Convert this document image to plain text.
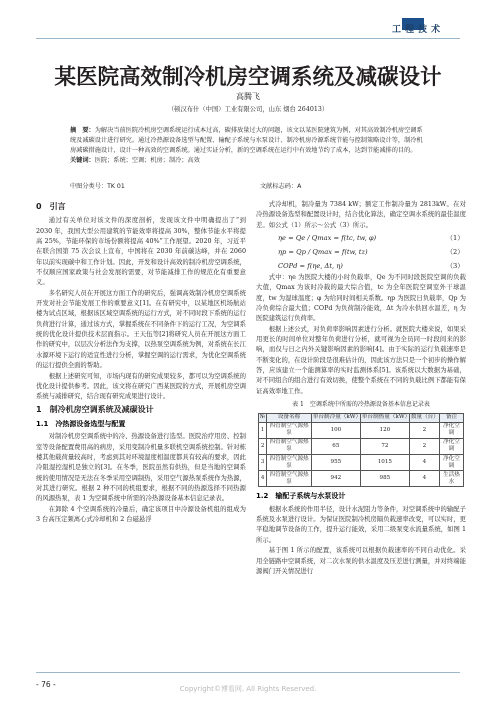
工程技术
某医院高效制冷机房空调系统及减碳设计
高腾飞
（顿汉布什（中国）工业有限公司，山东 烟台 264013）
摘　要：为解决当前医院冷机房空调系统运行成本过高，碳排放量过大的问题，该文以某医院建筑为例，对其高效制冷机房空调系统及减碳设计进行研究。通过冷热源设备选型与配置、输配子系统与水泵设计、制冷机房冷源系统节能与控制策略设计等，制冷机房减碳措施设计，设计一种高效的空调系统。通过实证分析，新的空调系统在运行中有效地节约了成本，达到节能减排的目的。
关键词：医院；系统；空调；机房；制冷；高效
中图分类号：TK 01	文献标志码：A

0　引言

通过有关单位对该文件的深度剖析，发现该文件中明确提出了“到 2030 年，我国大型公用建筑的节能效率将提高 30%，整体节能水平将提高 25%，节能环保的市场份额将提高 40%”工作展望。2020 年，习近平在联合国第 75 次会议上宣布，中国将在 2030 年前碳达峰，并在 2060 年以前实现碳中和工作计划。因此，开发和设计高效的制冷机房空调系统，不仅顺应国家政策与社会发展的需要，对节能减排工作的规范化有重要意义。

多名研究人员在开展这方面工作的研究后，强调高效制冷机房空调系统开发对社会节能发展工作的重要意义[1]。在有研究中，以某地区机场航站楼为试点区域，根据该区域空调系统的运行方式，对不同时段下系统的运行负荷进行计算，通过该方式，掌握系统在不同条件下的运行工况，为空调系统的优化设计提供技术层面指示。王天伍等[2]将研究人员在开展这方面工作的研究中，以层次分析法作为支撑，以热泵空调系统为例，对系统在长江水源环境下运行的适宜性进行分析，掌握空调的运行需求，为优化空调系统的运行提供全面的帮助。

根据上述研究可知，市场内现有的研究成果较多，都可以为空调系统的优化设计提供参考。因此，该文将在研究广西某医院的方式，开展机房空调系统与减排研究，结合现有研究成果进行设计。

1　制冷机房空调系统及减碳设计

1.1　冷热源设备选型与配置

对制冷机房空调系统中的冷、热源设备进行选型。医院治疗用房、控制室等设备配置费用高的病房，采用变制冷机量多联机空调系统控制。针对栋楼其他载荷量较高时，考虑到其对环境湿度相温度都具有较高的要求，因此冷阻湿控湿机是独立的[3]。在冬季，医院虽然有供热，但是当地的空调系统的使用情况是无法在冬季采用空调制热，采用空气源热泵系统作为热源，对其进行研究。根据 2 种不同的机组要求，根据不同的热源选择不同热源的风源热泵，表 1 为空调系统中所需的冷热源设备基本信息记录表。

在卸除 4 个空调系统的冷量后，确定该项目中冷源设备机组的组成为 3 台高压定频离心式冷却机和 2 台磁悬浮

式冷却机，制冷量为 7384 kW；额定工作制冷量为 2813kW。在对冷热源设备选型和配置设计时，结合优化算法，确定空调水系统的最佳温度差。如公式（1）所示～公式（3）所示。

ηe = Qe / Qmax = f(tc, tw, φ)	（1）
ηp = Qp / Qmax = f(tw, tz)	（2）
COPd = f(ηe, Δt, η)	（3）

式中：ηe 为医院大楼的小时负载率，Qe 为不同时段医院空调的负载大值，Qmax 为该时冷载的最大综合值，tc 为全年医院空调室外干球温度，tw 为湿球温度；φ 为给同时间相关系数。ηp 为医院日负载率，Qp 为冷负荷综合最大值；COPd 为负荷制冷能效，Δt 为冷水供回水温差，η 为医院建筑运行负荷率。

根据上述公式，对负荷率影响因素进行分析。就医院大楼来说，如果采用更长的时间单位对整年负荷进行分析，就可视为全员同一时段间来的影响，而仅与日之内外关键影响因素的影响[4]。由于实际的运行负载速率是不断变化的，在设计阶段是很难估计的，因此该方法只是一个初步的操作解答，应该建立一个能测算率的实时监测体系[5]。该系统以大数据为基础，对不同组合的组合进行有效切换，使整个系统在不同的负载比例下都能有保证高效率地工作。

表 1　空调系统中所需的冷热源设备基本信息记录表
№	设备名称	单台制冷量（kW）	单台制热量（kW）	数量（台）	备注
1	四管制空气源热泵	100	120	2	净化空调
2	四管制空气源热泵	65	72	2	净化空调
3	四管制空气源热泵	955	1015	4	净化空调
4	四管制空气源热泵	942	985	4	生活热水

1.2　输配子系统与水泵设计

根据水系统的作用半径，设计水泥阻力等条件，对空调系统中的输配子系统及水泵进行设计。为保证医院制冷机房隔负载速率改变，可以实时，更平稳地调节设备的工作，提升运行能效，采用二级泵变水流量系统，如图 1 所示。

基于图 1 所示的配置，该系统可以根据负载速率的不同自动优化。采用全链路中空调系统，对二次水泵的供水温度及压差进行测量，并对终端能源阀门开关情况进行

- 76 -	Copyright©博看网. All Rights Reserved.
